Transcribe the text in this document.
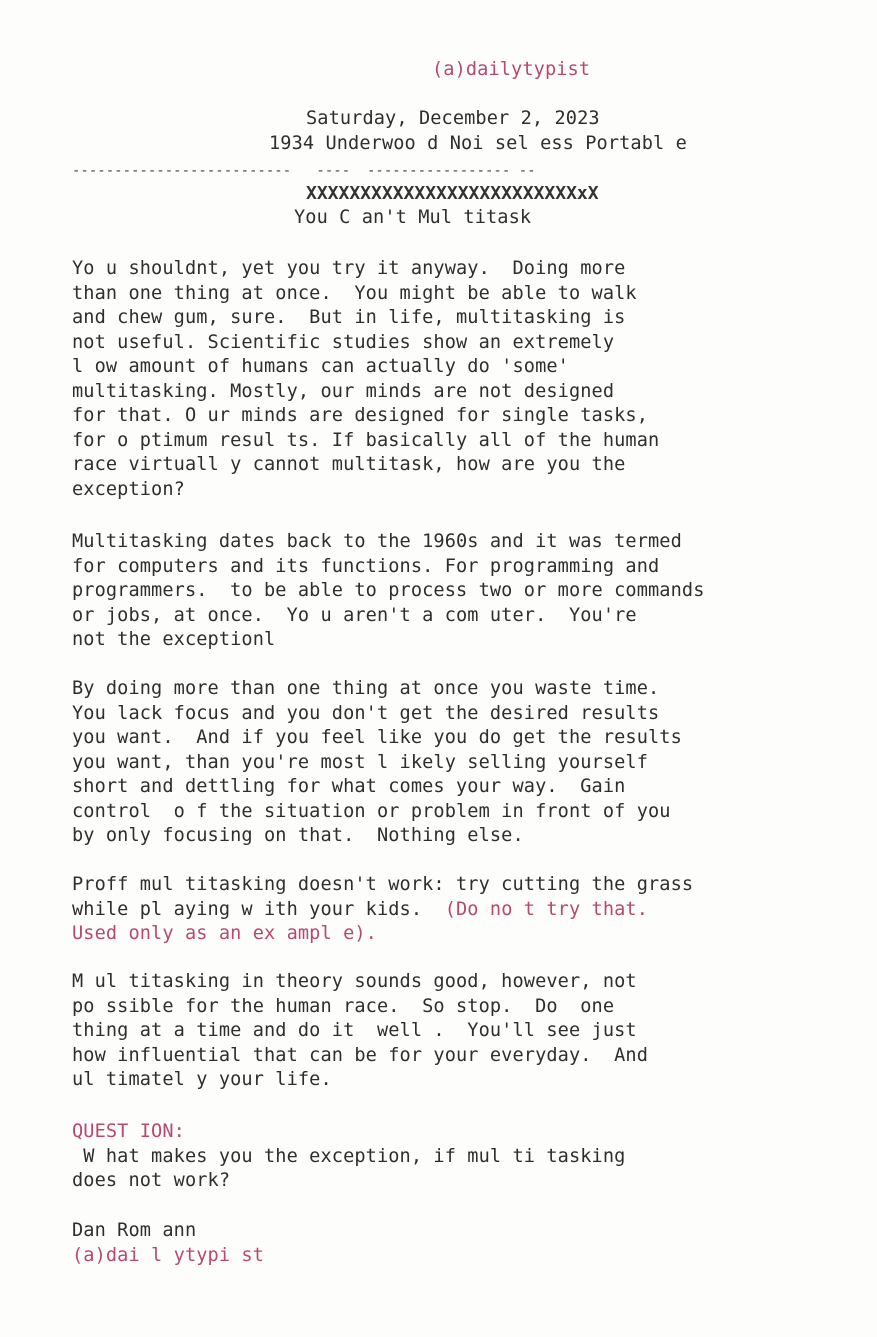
(a)dailytypist
Saturday, December 2, 2023
1934 Underwoo d Noi sel ess Portabl e
--------------------------   ----  ----------------- --
XXXXXXXXXXXXXXXXXXXXXXXXXxX
You C an't Mul titask
Yo u shouldnt, yet you try it anyway.  Doing more
than one thing at once.  You might be able to walk
and chew gum, sure.  But in life, multitasking is
not useful. Scientific studies show an extremely
l ow amount of humans can actually do 'some'
multitasking. Mostly, our minds are not designed
for that. O ur minds are designed for single tasks,
for o ptimum resul ts. If basically all of the human
race virtuall y cannot multitask, how are you the
exception?
Multitasking dates back to the 1960s and it was termed
for computers and its functions. For programming and
programmers.  to be able to process two or more commands
or jobs, at once.  Yo u aren't a com uter.  You're
not the exceptionl
By doing more than one thing at once you waste time.
You lack focus and you don't get the desired results
you want.  And if you feel like you do get the results
you want, than you're most l ikely selling yourself
short and dettling for what comes your way.  Gain
control  o f the situation or problem in front of you
by only focusing on that.  Nothing else.
Proff mul titasking doesn't work: try cutting the grass
while pl aying w ith your kids.  (Do no t try that.
Used only as an ex ampl e).
M ul titasking in theory sounds good, however, not
po ssible for the human race.  So stop.  Do  one
thing at a time and do it  well .  You'll see just
how influential that can be for your everyday.  And
ul timatel y your life.
QUEST ION:
W hat makes you the exception, if mul ti tasking
does not work?
Dan Rom ann
(a)dai l ytypi st
